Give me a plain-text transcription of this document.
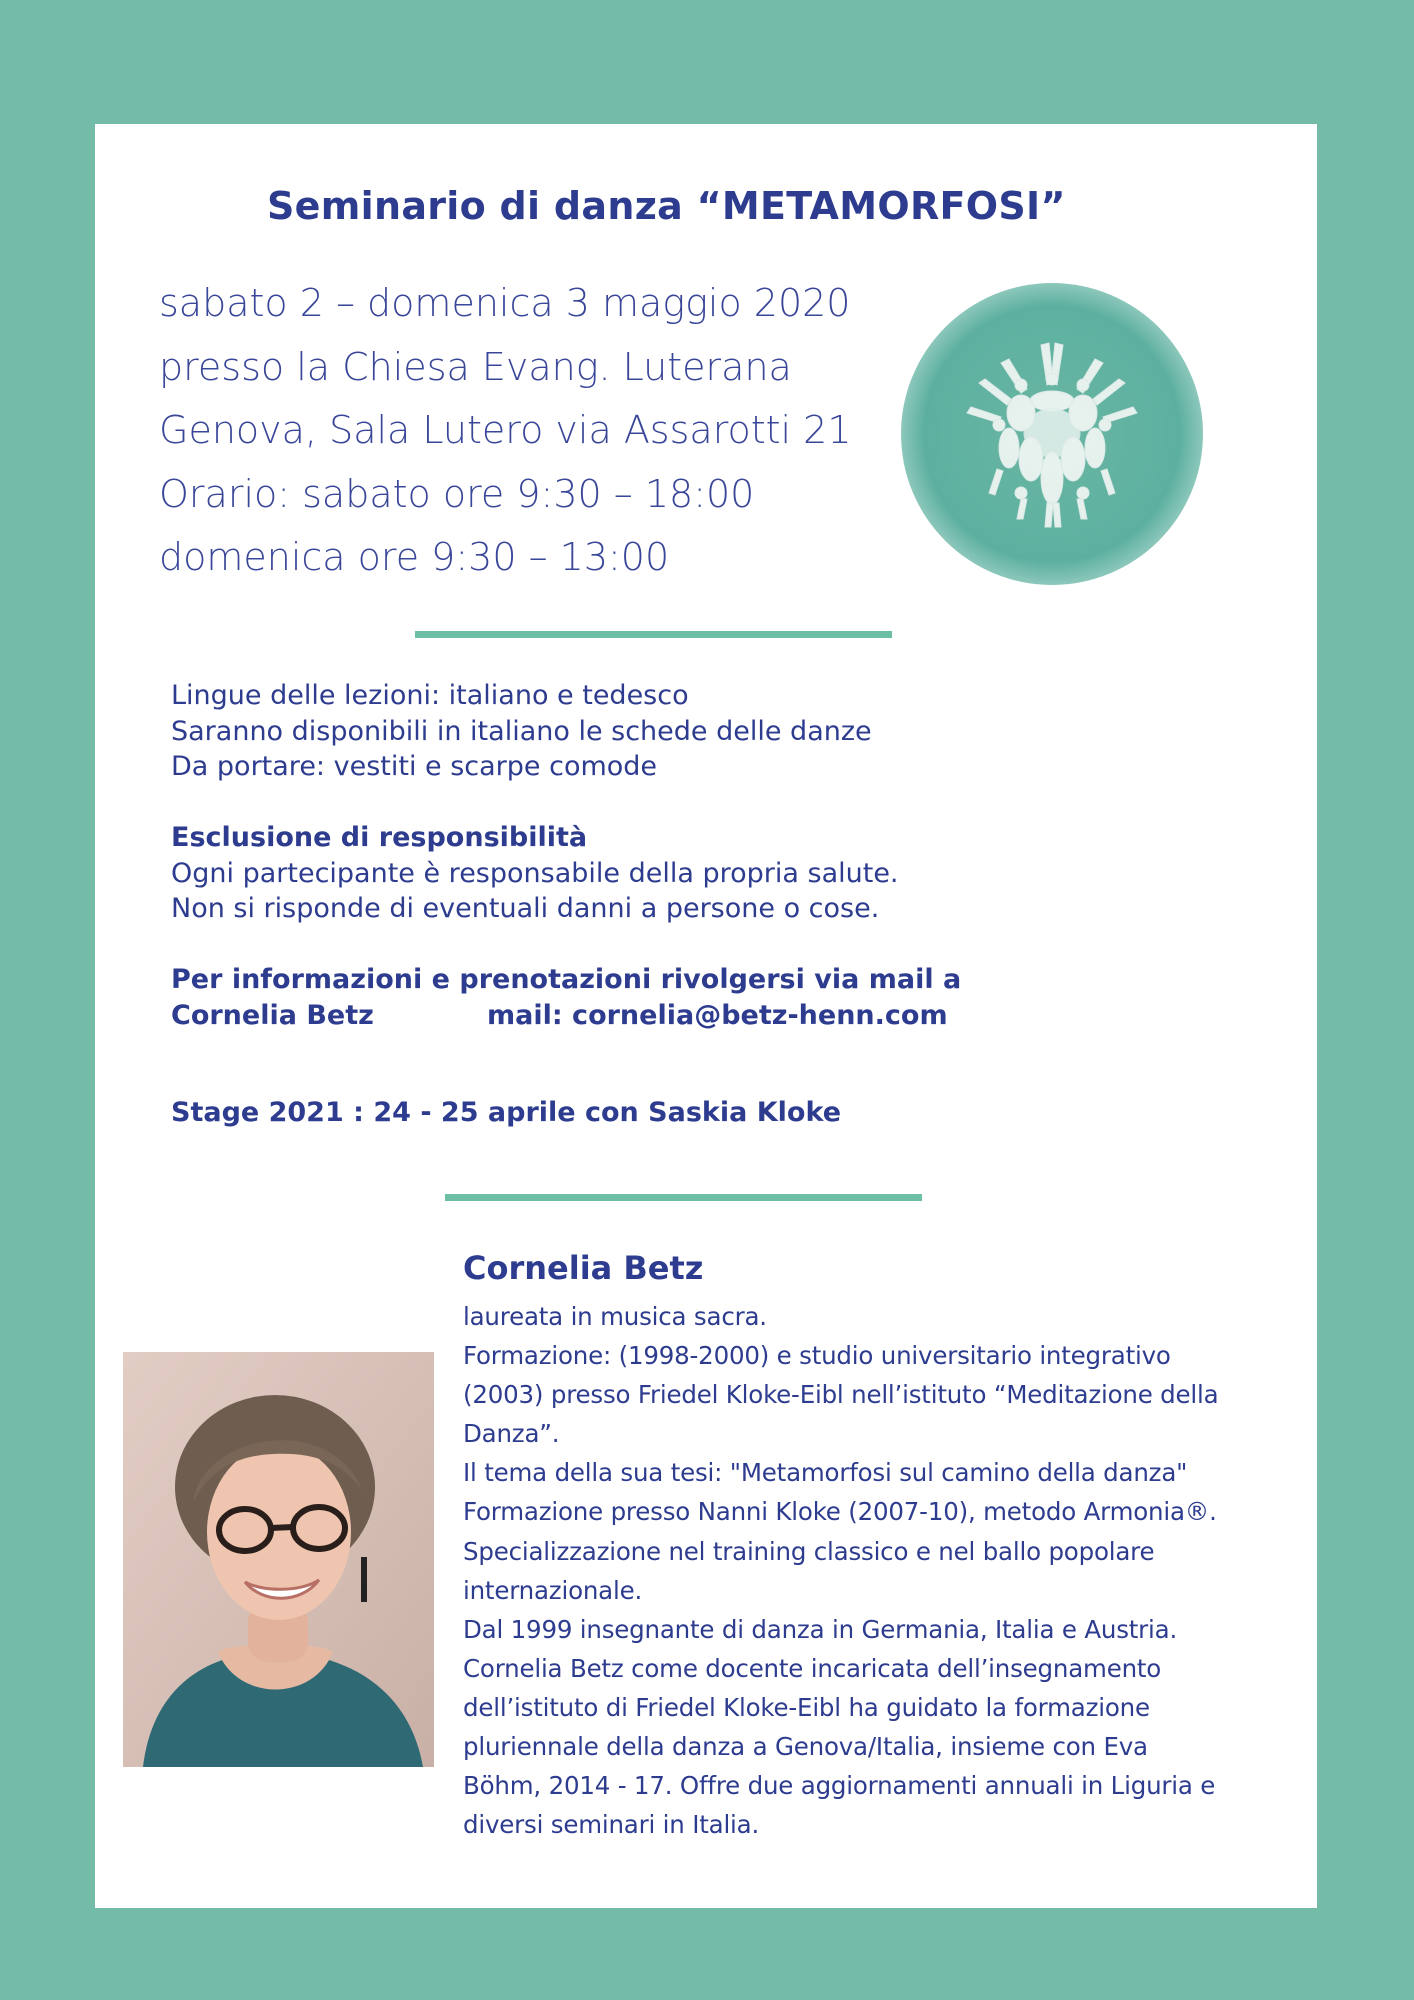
Seminario di danza “METAMORFOSI”
sabato 2 – domenica 3 maggio 2020
presso la Chiesa Evang. Luterana
Genova, Sala Lutero via Assarotti 21
Orario: sabato ore 9:30 – 18:00
domenica ore 9:30 – 13:00
Lingue delle lezioni: italiano e tedesco
Saranno disponibili in italiano le schede delle danze
Da portare: vestiti e scarpe comode
Esclusione di responsibilità
Ogni partecipante è responsabile della propria salute.
Non si risponde di eventuali danni a persone o cose.
Per informazioni e prenotazioni rivolgersi via mail a
Cornelia Betz	mail: cornelia@betz-henn.com
Stage 2021 : 24 - 25 aprile con Saskia Kloke
Cornelia Betz
laureata in musica sacra.
Formazione: (1998-2000) e studio universitario integrativo
(2003) presso Friedel Kloke-Eibl nell’istituto “Meditazione della
Danza”.
Il tema della sua tesi: "Metamorfosi sul camino della danza"
Formazione presso Nanni Kloke (2007-10), metodo Armonia®.
Specializzazione nel training classico e nel ballo popolare
internazionale.
Dal 1999 insegnante di danza in Germania, Italia e Austria.
Cornelia Betz come docente incaricata dell’insegnamento
dell’istituto di Friedel Kloke-Eibl ha guidato la formazione
pluriennale della danza a Genova/Italia, insieme con Eva
Böhm, 2014 - 17. Offre due aggiornamenti annuali in Liguria e
diversi seminari in Italia.
